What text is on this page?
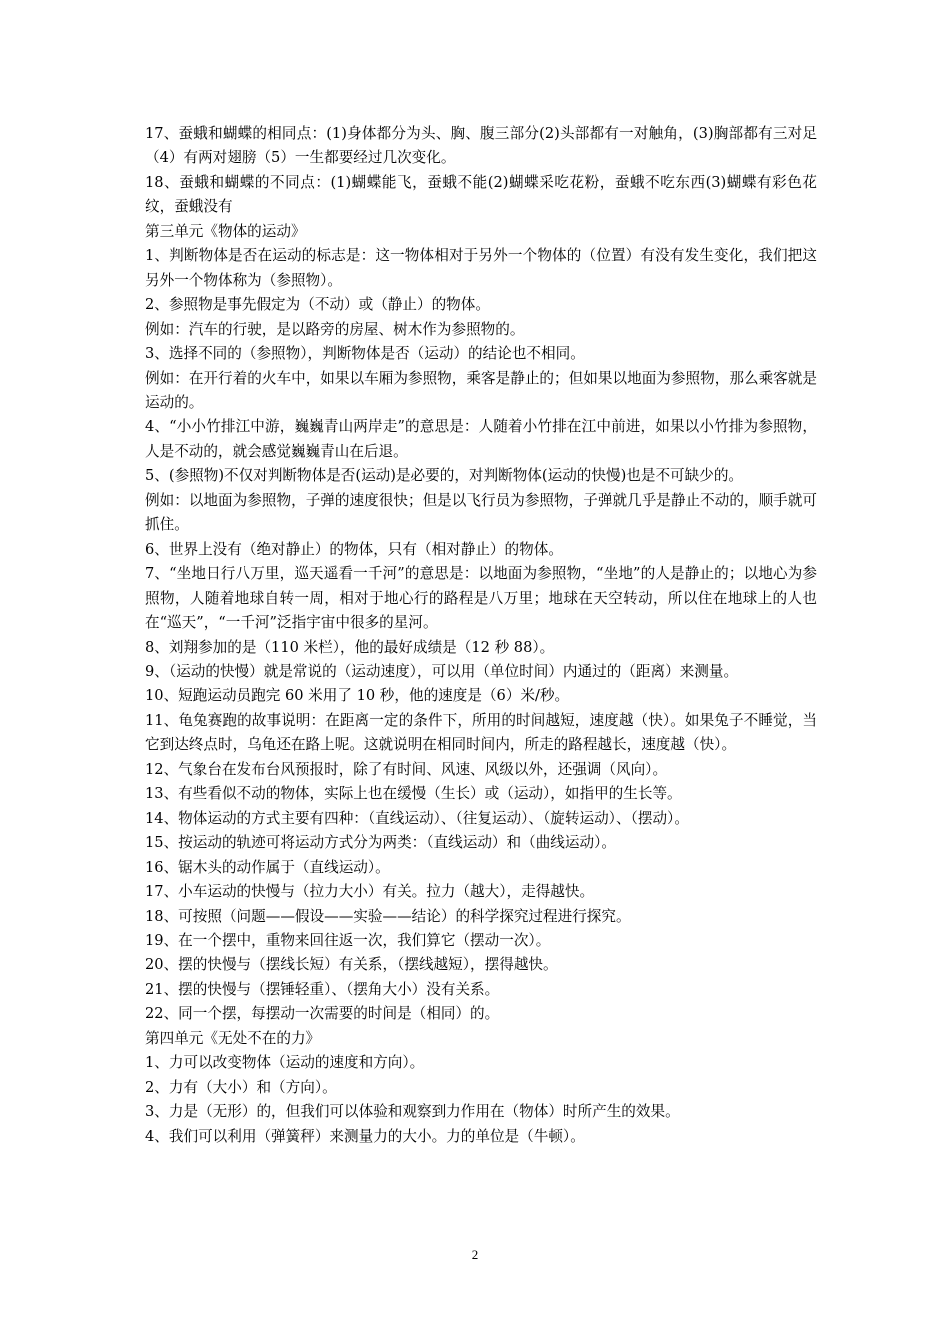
17、蚕蛾和蝴蝶的相同点：(1)身体都分为头、胸、腹三部分(2)头部都有一对触角，(3)胸部都有三对足（4）有两对翅膀（5）一生都要经过几次变化。

18、蚕蛾和蝴蝶的不同点：(1)蝴蝶能飞，蚕蛾不能(2)蝴蝶采吃花粉，蚕蛾不吃东西(3)蝴蝶有彩色花纹，蚕蛾没有

第三单元《物体的运动》

1、判断物体是否在运动的标志是：这一物体相对于另外一个物体的（位置）有没有发生变化，我们把这另外一个物体称为（参照物）。

2、参照物是事先假定为（不动）或（静止）的物体。

例如：汽车的行驶，是以路旁的房屋、树木作为参照物的。

3、选择不同的（参照物），判断物体是否（运动）的结论也不相同。

例如：在开行着的火车中，如果以车厢为参照物，乘客是静止的；但如果以地面为参照物，那么乘客就是运动的。

4、“小小竹排江中游，巍巍青山两岸走”的意思是：人随着小竹排在江中前进，如果以小竹排为参照物，人是不动的，就会感觉巍巍青山在后退。

5、(参照物)不仅对判断物体是否(运动)是必要的，对判断物体(运动的快慢)也是不可缺少的。

例如：以地面为参照物，子弹的速度很快；但是以飞行员为参照物，子弹就几乎是静止不动的，顺手就可抓住。

6、世界上没有（绝对静止）的物体，只有（相对静止）的物体。

7、“坐地日行八万里，巡天遥看一千河”的意思是：以地面为参照物，“坐地”的人是静止的；以地心为参照物，人随着地球自转一周，相对于地心行的路程是八万里；地球在天空转动，所以住在地球上的人也在“巡天”，“一千河”泛指宇宙中很多的星河。

8、刘翔参加的是（110 米栏），他的最好成绩是（12 秒 88）。

9、（运动的快慢）就是常说的（运动速度），可以用（单位时间）内通过的（距离）来测量。

10、短跑运动员跑完 60 米用了 10 秒，他的速度是（6）米/秒。

11、龟兔赛跑的故事说明：在距离一定的条件下，所用的时间越短，速度越（快）。如果兔子不睡觉，当它到达终点时，乌龟还在路上呢。这就说明在相同时间内，所走的路程越长，速度越（快）。

12、气象台在发布台风预报时，除了有时间、风速、风级以外，还强调（风向）。

13、有些看似不动的物体，实际上也在缓慢（生长）或（运动），如指甲的生长等。

14、物体运动的方式主要有四种：（直线运动）、（往复运动）、（旋转运动）、（摆动）。

15、按运动的轨迹可将运动方式分为两类：（直线运动）和（曲线运动）。

16、锯木头的动作属于（直线运动）。

17、小车运动的快慢与（拉力大小）有关。拉力（越大），走得越快。

18、可按照（问题——假设——实验——结论）的科学探究过程进行探究。

19、在一个摆中，重物来回往返一次，我们算它（摆动一次）。

20、摆的快慢与（摆线长短）有关系，（摆线越短），摆得越快。

21、摆的快慢与（摆锤轻重）、（摆角大小）没有关系。

22、同一个摆，每摆动一次需要的时间是（相同）的。

第四单元《无处不在的力》

1、力可以改变物体（运动的速度和方向）。

2、力有（大小）和（方向）。

3、力是（无形）的，但我们可以体验和观察到力作用在（物体）时所产生的效果。

4、我们可以利用（弹簧秤）来测量力的大小。力的单位是（牛顿）。

2
